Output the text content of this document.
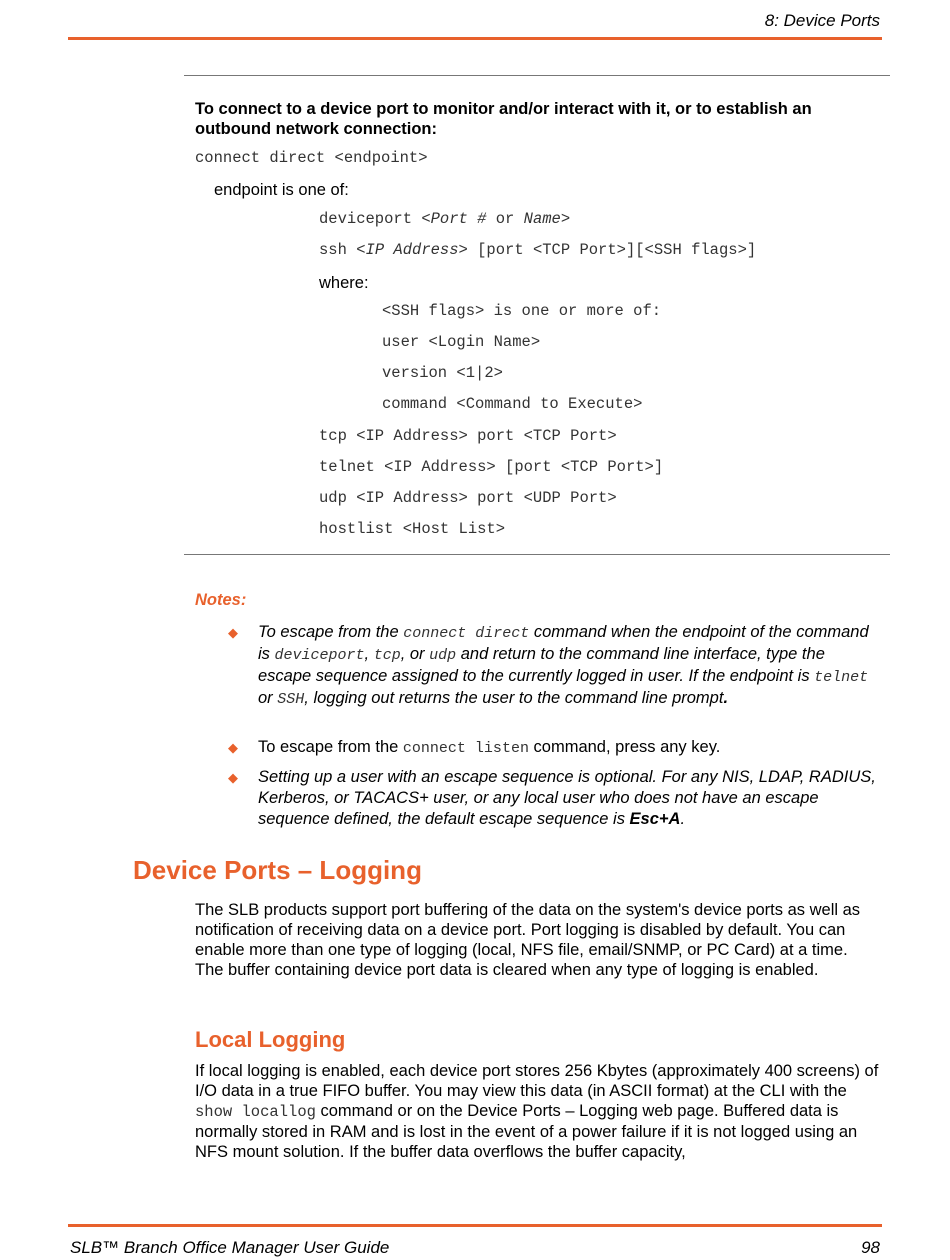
8: Device Ports
To connect to a device port to monitor and/or interact with it, or to establish an outbound network connection:
connect direct <endpoint>
endpoint is one of:
deviceport <Port # or Name>
ssh <IP Address> [port <TCP Port>][<SSH flags>]
where:
<SSH flags> is one or more of:
user <Login Name>
version <1|2>
command <Command to Execute>
tcp <IP Address> port <TCP Port>
telnet <IP Address> [port <TCP Port>]
udp <IP Address> port <UDP Port>
hostlist <Host List>
Notes:
◆ To escape from the connect direct command when the endpoint of the command is deviceport, tcp, or udp and return to the command line interface, type the escape sequence assigned to the currently logged in user. If the endpoint is telnet or SSH, logging out returns the user to the command line prompt.
◆ To escape from the connect listen command, press any key.
◆ Setting up a user with an escape sequence is optional. For any NIS, LDAP, RADIUS, Kerberos, or TACACS+ user, or any local user who does not have an escape sequence defined, the default escape sequence is Esc+A.
Device Ports – Logging
The SLB products support port buffering of the data on the system's device ports as well as notification of receiving data on a device port. Port logging is disabled by default. You can enable more than one type of logging (local, NFS file, email/SNMP, or PC Card) at a time. The buffer containing device port data is cleared when any type of logging is enabled.
Local Logging
If local logging is enabled, each device port stores 256 Kbytes (approximately 400 screens) of I/O data in a true FIFO buffer. You may view this data (in ASCII format) at the CLI with the show locallog command or on the Device Ports – Logging web page. Buffered data is normally stored in RAM and is lost in the event of a power failure if it is not logged using an NFS mount solution. If the buffer data overflows the buffer capacity,
SLB™ Branch Office Manager User Guide	98
